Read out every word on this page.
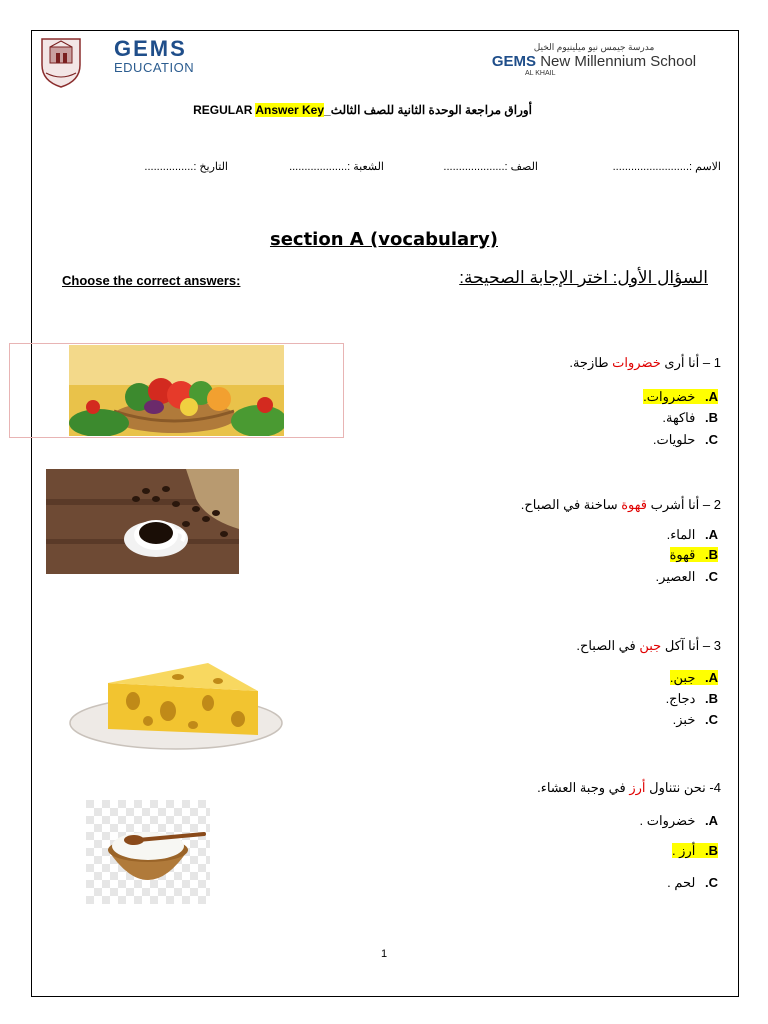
GEMS
EDUCATION
مدرسة جيمس نيو ميلينيوم الخيل
GEMS New Millennium School
AL KHAIL
أوراق مراجعة الوحدة الثانية للصف الثالث_REGULAR Answer Key
الاسم :.........................
الصف :....................
الشعبة :...................
التاريخ :................
section A (vocabulary)
Choose the correct answers:	السؤال الأول: اختر الإجابة الصحيحة:
1 – أنا أرى خضروات طازجة.
A. خضروات.
B. فاكهة.
C. حلويات.
2 – أنا أشرب قهوة ساخنة في الصباح.
A. الماء.
B. قهوة
C. العصير.
3 – أنا آكل جبن في الصباح.
A. جبن.
B. دجاج.
C. خبز.
4- نحن نتناول أرز في وجبة العشاء.
A. خضروات .
B. أرز .
C. لحم .
1
